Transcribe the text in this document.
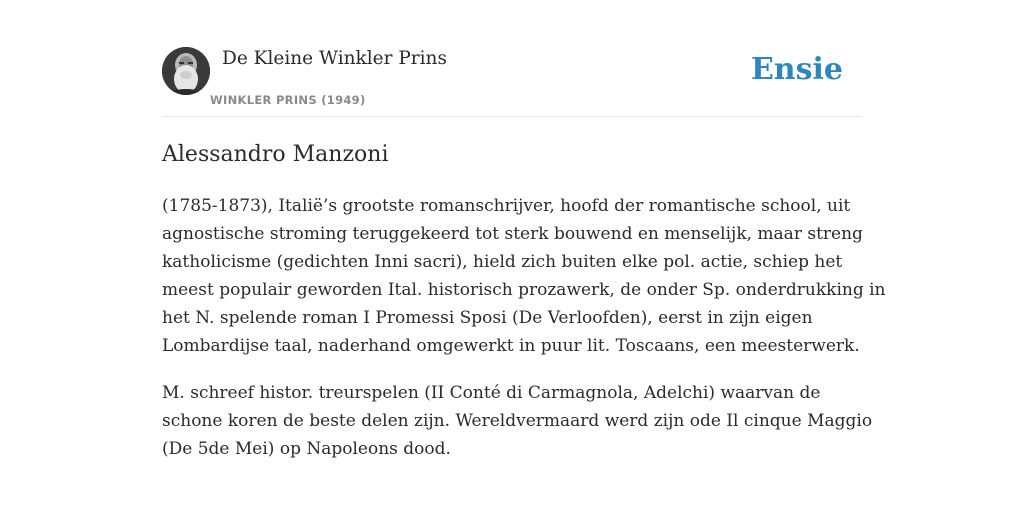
De Kleine Winkler Prins
WINKLER PRINS (1949)
Ensie
Alessandro Manzoni

(1785-1873), Italië’s grootste romanschrijver, hoofd der romantische school, uit
agnostische stroming teruggekeerd tot sterk bouwend en menselijk, maar streng
katholicisme (gedichten Inni sacri), hield zich buiten elke pol. actie, schiep het
meest populair geworden Ital. historisch prozawerk, de onder Sp. onderdrukking in
het N. spelende roman I Promessi Sposi (De Verloofden), eerst in zijn eigen
Lombardijse taal, naderhand omgewerkt in puur lit. Toscaans, een meesterwerk.

M. schreef histor. treurspelen (II Conté di Carmagnola, Adelchi) waarvan de
schone koren de beste delen zijn. Wereldvermaard werd zijn ode Il cinque Maggio
(De 5de Mei) op Napoleons dood.
